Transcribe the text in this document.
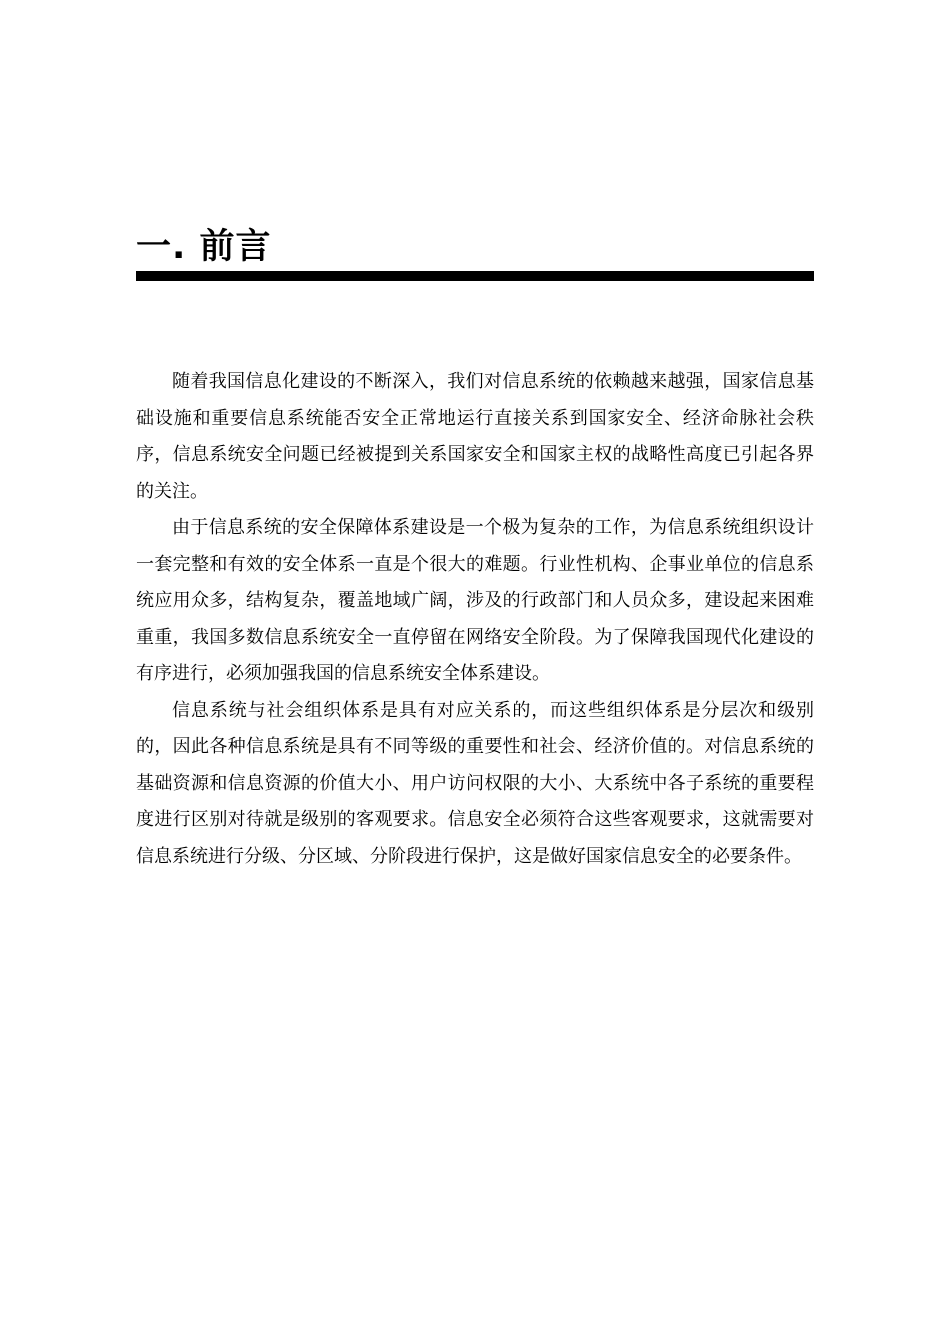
一. 前言

随着我国信息化建设的不断深入，我们对信息系统的依赖越来越强，国家信息基础设施和重要信息系统能否安全正常地运行直接关系到国家安全、经济命脉社会秩序，信息系统安全问题已经被提到关系国家安全和国家主权的战略性高度已引起各界的关注。

由于信息系统的安全保障体系建设是一个极为复杂的工作，为信息系统组织设计一套完整和有效的安全体系一直是个很大的难题。行业性机构、企事业单位的信息系统应用众多，结构复杂，覆盖地域广阔，涉及的行政部门和人员众多，建设起来困难重重，我国多数信息系统安全一直停留在网络安全阶段。为了保障我国现代化建设的有序进行，必须加强我国的信息系统安全体系建设。

信息系统与社会组织体系是具有对应关系的，而这些组织体系是分层次和级别的，因此各种信息系统是具有不同等级的重要性和社会、经济价值的。对信息系统的基础资源和信息资源的价值大小、用户访问权限的大小、大系统中各子系统的重要程度进行区别对待就是级别的客观要求。信息安全必须符合这些客观要求，这就需要对信息系统进行分级、分区域、分阶段进行保护，这是做好国家信息安全的必要条件。
